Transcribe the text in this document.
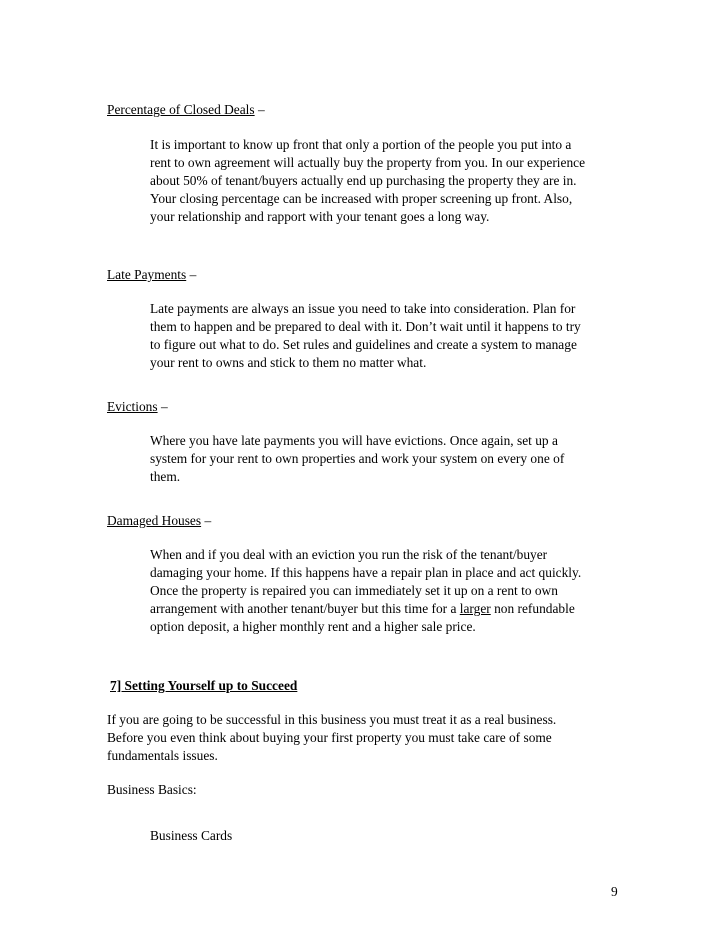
Percentage of Closed Deals –
It is important to know up front that only a portion of the people you put into a
rent to own agreement will actually buy the property from you. In our experience
about 50% of tenant/buyers actually end up purchasing the property they are in.
Your closing percentage can be increased with proper screening up front. Also,
your relationship and rapport with your tenant goes a long way.
Late Payments –
Late payments are always an issue you need to take into consideration. Plan for
them to happen and be prepared to deal with it. Don’t wait until it happens to try
to figure out what to do. Set rules and guidelines and create a system to manage
your rent to owns and stick to them no matter what.
Evictions –
Where you have late payments you will have evictions. Once again, set up a
system for your rent to own properties and work your system on every one of
them.
Damaged Houses –
When and if you deal with an eviction you run the risk of the tenant/buyer
damaging your home. If this happens have a repair plan in place and act quickly.
Once the property is repaired you can immediately set it up on a rent to own
arrangement with another tenant/buyer but this time for a larger non refundable
option deposit, a higher monthly rent and a higher sale price.
7] Setting Yourself up to Succeed
If you are going to be successful in this business you must treat it as a real business.
Before you even think about buying your first property you must take care of some
fundamentals issues.
Business Basics:
Business Cards
9
